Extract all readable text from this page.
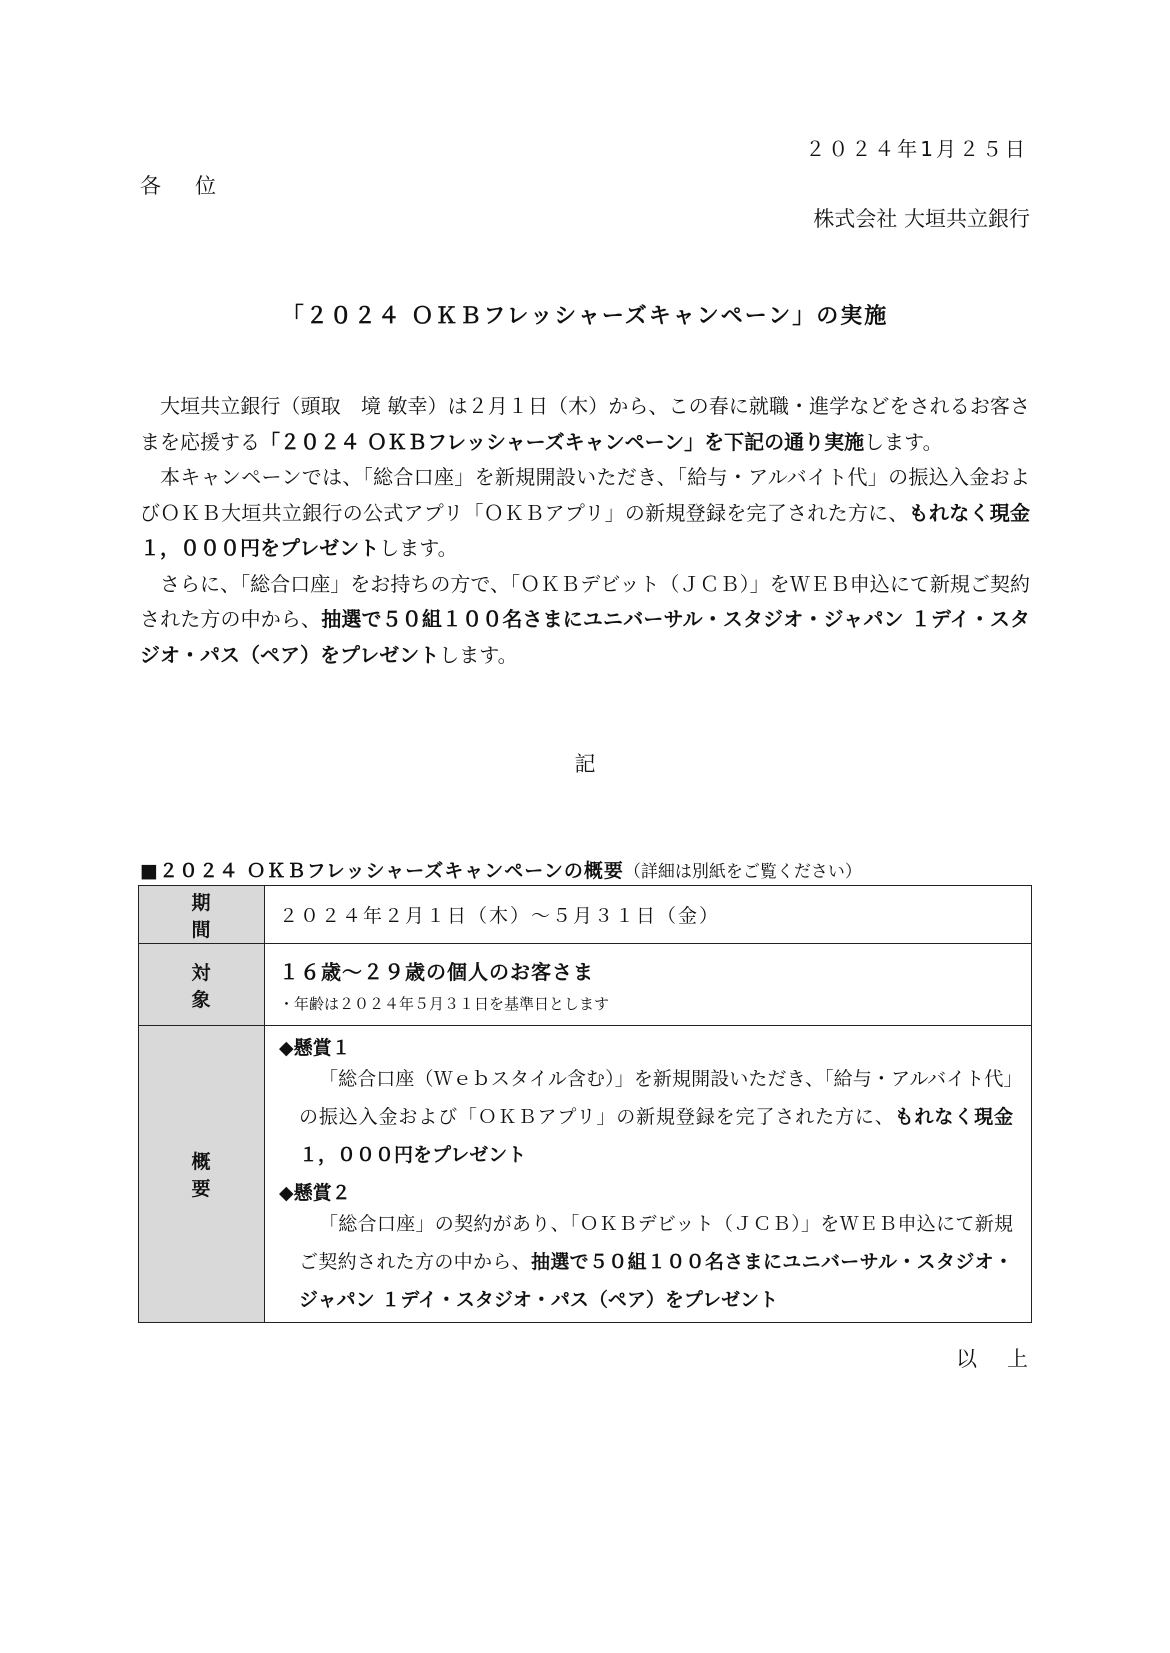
２０２４年1月２５日
各位
株式会社 大垣共立銀行
「２０２４ ＯＫＢフレッシャーズキャンペーン」の実施

大垣共立銀行（頭取　境 敏幸）は２月１日（木）から、この春に就職・進学などをされるお客さまを応援する「２０２４ ＯＫＢフレッシャーズキャンペーン」を下記の通り実施します。

本キャンペーンでは、「総合口座」を新規開設いただき、「給与・アルバイト代」の振込入金およびＯＫＢ大垣共立銀行の公式アプリ「ＯＫＢアプリ」の新規登録を完了された方に、もれなく現金１，０００円をプレゼントします。

さらに、「総合口座」をお持ちの方で、「ＯＫＢデビット（ＪＣＢ）」をＷＥＢ申込にて新規ご契約された方の中から、抽選で５０組１００名さまにユニバーサル・スタジオ・ジャパン １デイ・スタジオ・パス（ペア）をプレゼントします。

記
■２０２４ ＯＫＢフレッシャーズキャンペーンの概要（詳細は別紙をご覧ください）
期間	２０２４年２月１日（木）～５月３１日（金）
対象	１６歳～２９歳の個人のお客さま
・年齢は２０２４年５月３１日を基準日とします

概要	◆懸賞１
「総合口座（Ｗｅｂスタイル含む）」を新規開設いただき、「給与・アルバイト代」の振込入金および「ＯＫＢアプリ」の新規登録を完了された方に、もれなく現金１，０００円をプレゼント
◆懸賞２
「総合口座」の契約があり、「ＯＫＢデビット（ＪＣＢ）」をＷＥＢ申込にて新規ご契約された方の中から、抽選で５０組１００名さまにユニバーサル・スタジオ・ジャパン １デイ・スタジオ・パス（ペア）をプレゼント
以上
